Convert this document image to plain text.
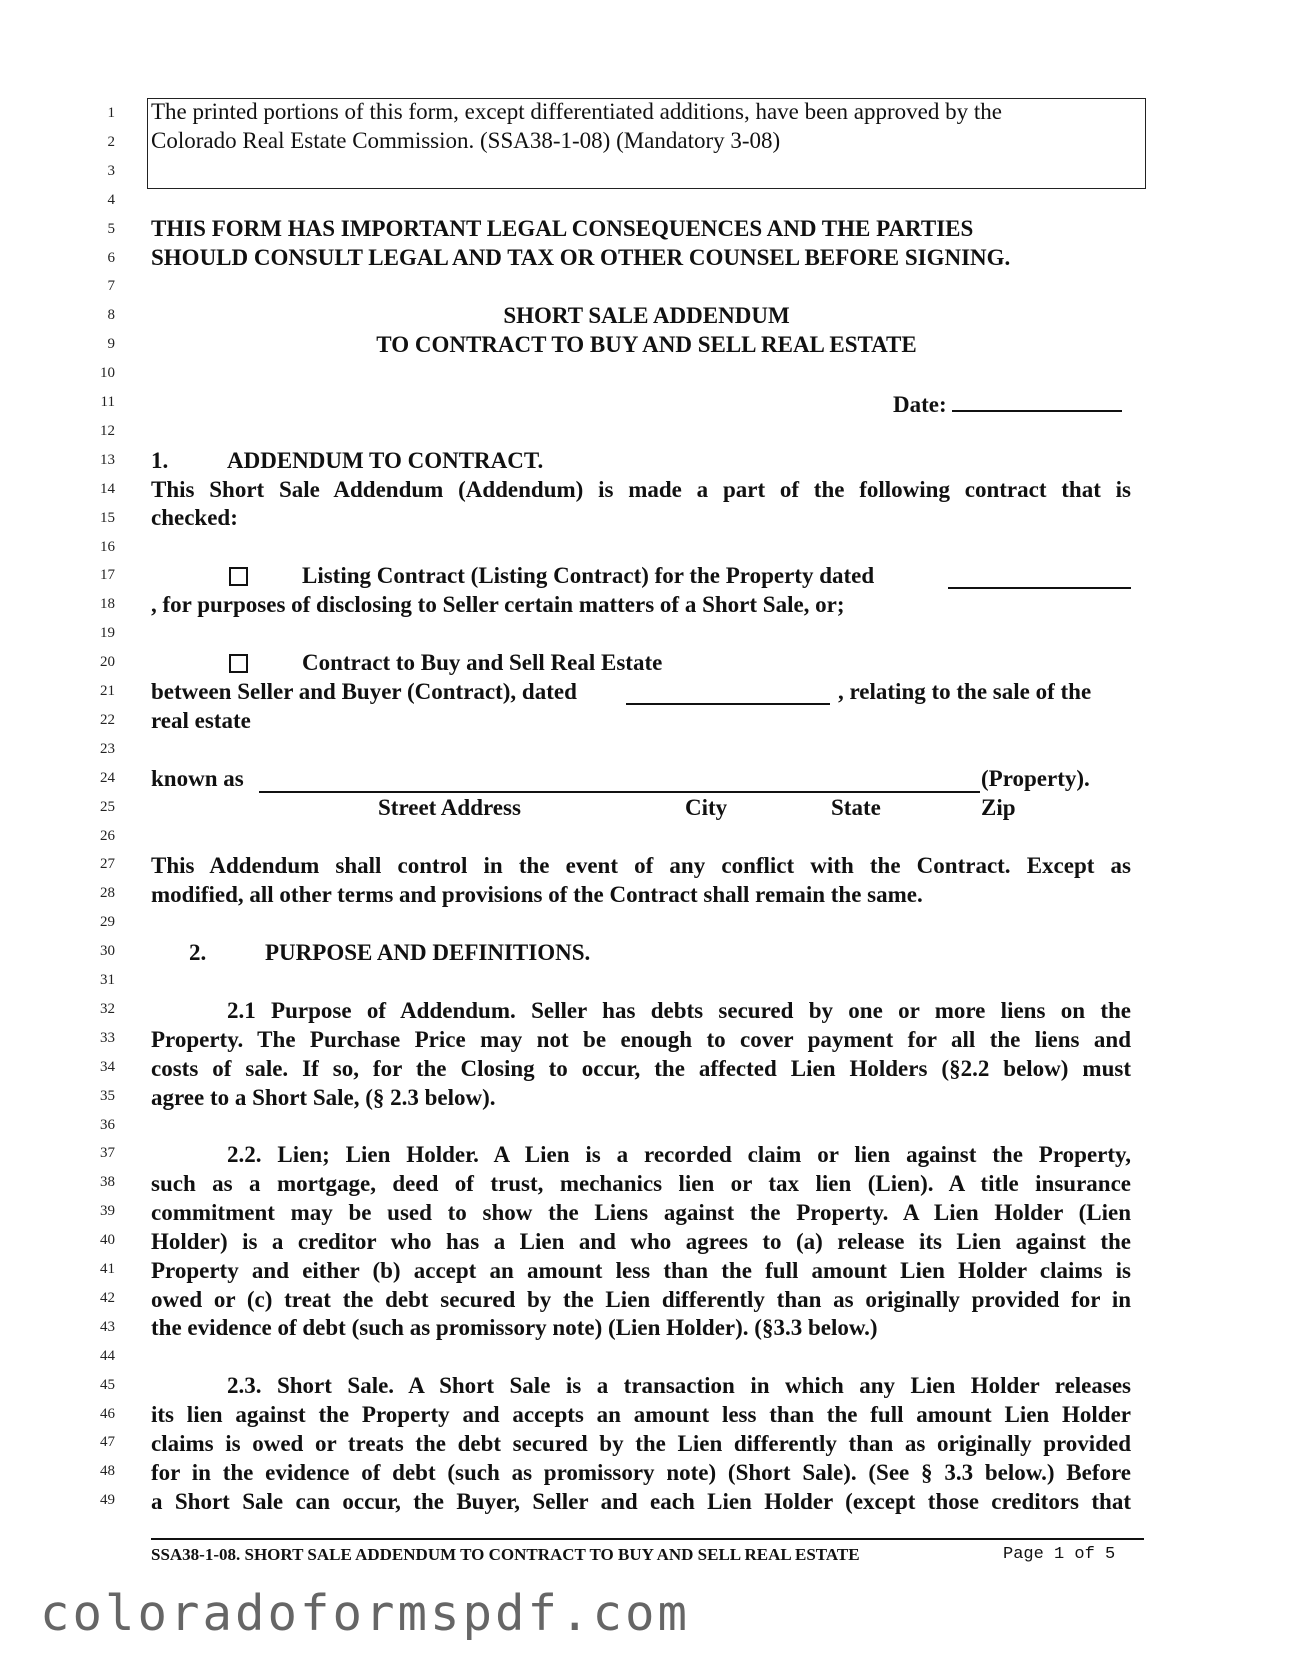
1
2
3
4
5
6
7
8
9
10
11
12
13
14
15
16
17
18
19
20
21
22
23
24
25
26
27
28
29
30
31
32
33
34
35
36
37
38
39
40
41
42
43
44
45
46
47
48
49
The printed portions of this form, except differentiated additions, have been approved by the
Colorado Real Estate Commission. (SSA38-1-08) (Mandatory 3-08)
THIS FORM HAS IMPORTANT LEGAL CONSEQUENCES AND THE PARTIES
SHOULD CONSULT LEGAL AND TAX OR OTHER COUNSEL BEFORE SIGNING.
SHORT SALE ADDENDUM
TO CONTRACT TO BUY AND SELL REAL ESTATE
Date:
1.	ADDENDUM TO CONTRACT.
This Short Sale Addendum (Addendum) is made a part of the following contract that is
checked:
Listing Contract (Listing Contract) for the Property dated
, for purposes of disclosing to Seller certain matters of a Short Sale, or;
Contract to Buy and Sell Real Estate
between Seller and Buyer (Contract), dated	, relating to the sale of the
real estate
known as	(Property).
Street Address	City	State	Zip
This Addendum shall control in the event of any conflict with the Contract. Except as
modified, all other terms and provisions of the Contract shall remain the same.
2.	PURPOSE AND DEFINITIONS.
2.1 Purpose of Addendum. Seller has debts secured by one or more liens on the
Property. The Purchase Price may not be enough to cover payment for all the liens and
costs of sale. If so, for the Closing to occur, the affected Lien Holders (§2.2 below) must
agree to a Short Sale, (§ 2.3 below).
2.2. Lien; Lien Holder. A Lien is a recorded claim or lien against the Property,
such as a mortgage, deed of trust, mechanics lien or tax lien (Lien). A title insurance
commitment may be used to show the Liens against the Property. A Lien Holder (Lien
Holder) is a creditor who has a Lien and who agrees to (a) release its Lien against the
Property and either (b) accept an amount less than the full amount Lien Holder claims is
owed or (c) treat the debt secured by the Lien differently than as originally provided for in
the evidence of debt (such as promissory note) (Lien Holder). (§3.3 below.)
2.3. Short Sale. A Short Sale is a transaction in which any Lien Holder releases
its lien against the Property and accepts an amount less than the full amount Lien Holder
claims is owed or treats the debt secured by the Lien differently than as originally provided
for in the evidence of debt (such as promissory note) (Short Sale). (See § 3.3 below.) Before
a Short Sale can occur, the Buyer, Seller and each Lien Holder (except those creditors that
SSA38-1-08. SHORT SALE ADDENDUM TO CONTRACT TO BUY AND SELL REAL ESTATE	Page 1 of 5
coloradoformspdf.com
